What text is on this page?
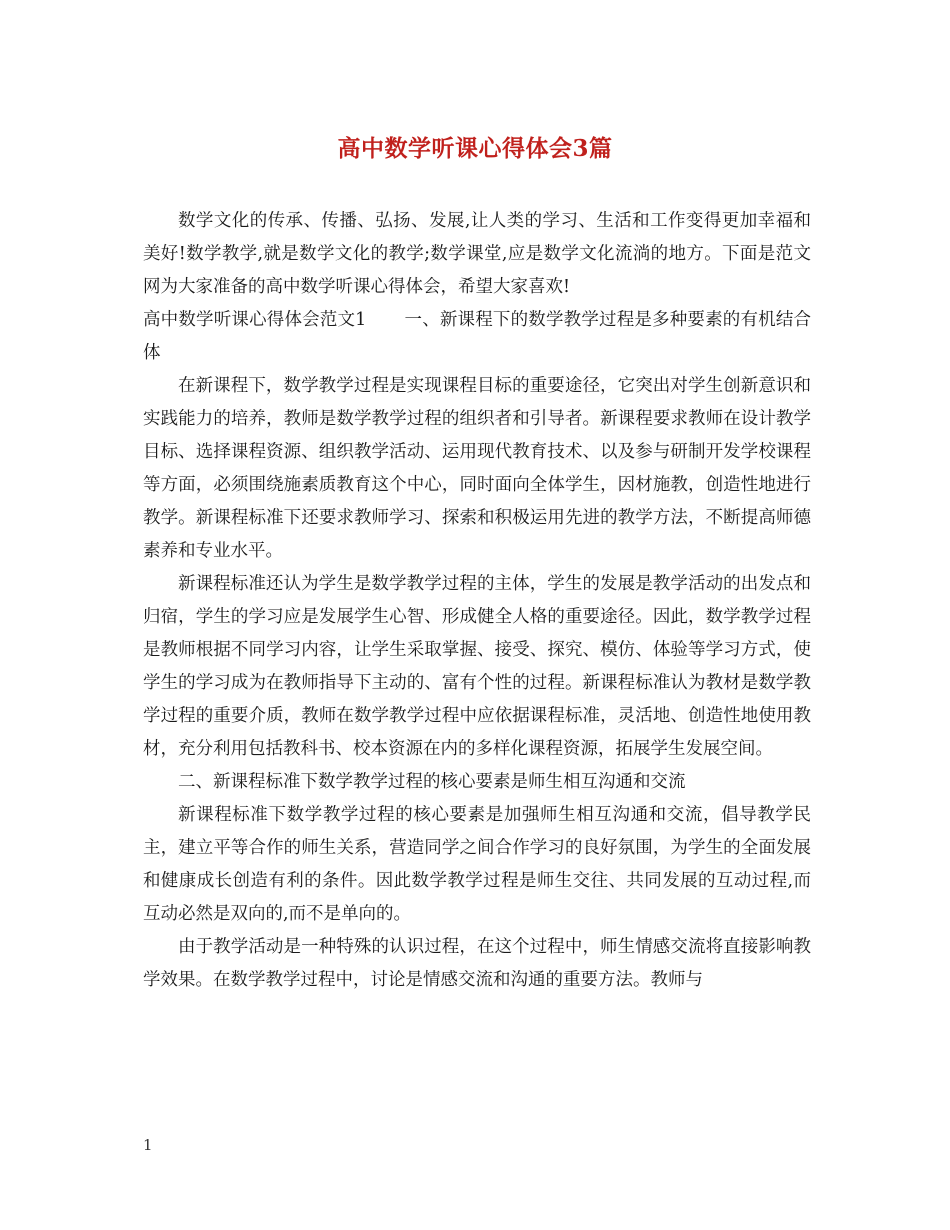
高中数学听课心得体会3篇

数学文化的传承、传播、弘扬、发展,让人类的学习、生活和工作变得更加幸福和美好!数学教学,就是数学文化的教学;数学课堂,应是数学文化流淌的地方。下面是范文网为大家准备的高中数学听课心得体会，希望大家喜欢!

高中数学听课心得体会范文1 一、新课程下的数学教学过程是多种要素的有机结合体

在新课程下，数学教学过程是实现课程目标的重要途径，它突出对学生创新意识和实践能力的培养，教师是数学教学过程的组织者和引导者。新课程要求教师在设计教学目标、选择课程资源、组织教学活动、运用现代教育技术、以及参与研制开发学校课程等方面，必须围绕施素质教育这个中心，同时面向全体学生，因材施教，创造性地进行教学。新课程标准下还要求教师学习、探索和积极运用先进的教学方法，不断提高师德素养和专业水平。

新课程标准还认为学生是数学教学过程的主体，学生的发展是教学活动的出发点和归宿，学生的学习应是发展学生心智、形成健全人格的重要途径。因此，数学教学过程是教师根据不同学习内容，让学生采取掌握、接受、探究、模仿、体验等学习方式，使学生的学习成为在教师指导下主动的、富有个性的过程。新课程标准认为教材是数学教学过程的重要介质，教师在数学教学过程中应依据课程标准，灵活地、创造性地使用教材，充分利用包括教科书、校本资源在内的多样化课程资源，拓展学生发展空间。

二、新课程标准下数学教学过程的核心要素是师生相互沟通和交流

新课程标准下数学教学过程的核心要素是加强师生相互沟通和交流，倡导教学民主，建立平等合作的师生关系，营造同学之间合作学习的良好氛围，为学生的全面发展和健康成长创造有利的条件。因此数学教学过程是师生交往、共同发展的互动过程,而互动必然是双向的,而不是单向的。

由于教学活动是一种特殊的认识过程，在这个过程中，师生情感交流将直接影响教学效果。在数学教学过程中，讨论是情感交流和沟通的重要方法。教师与

1
